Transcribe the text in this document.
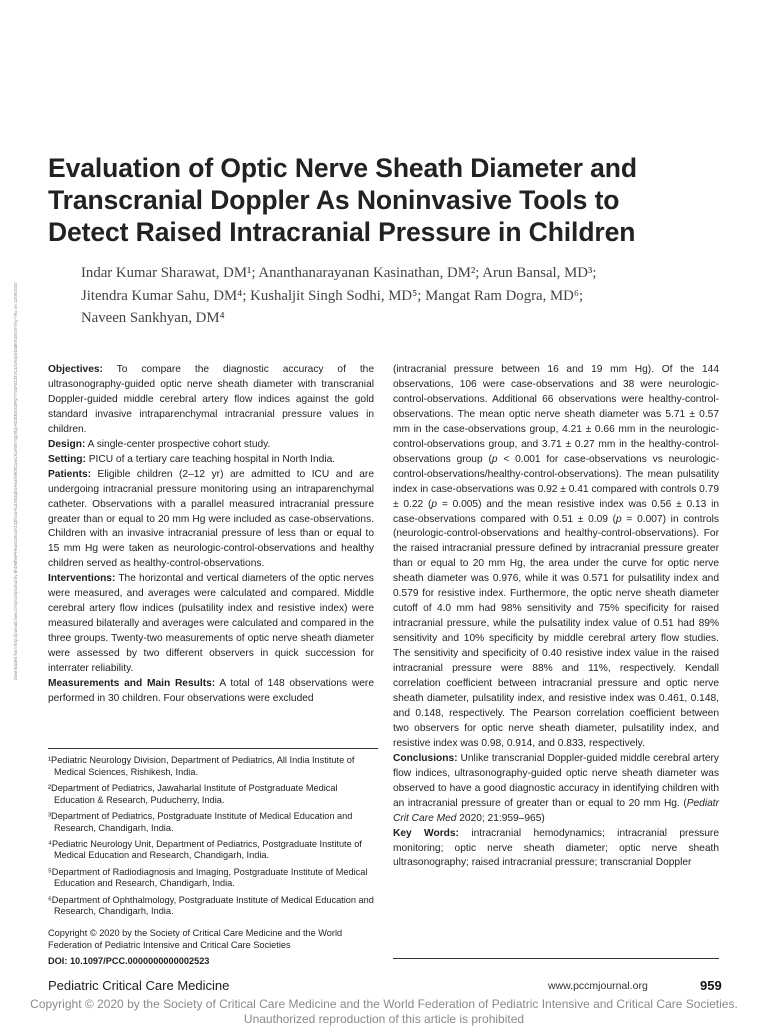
Evaluation of Optic Nerve Sheath Diameter and
Transcranial Doppler As Noninvasive Tools to
Detect Raised Intracranial Pressure in Children
Indar Kumar Sharawat, DM¹; Ananthanarayanan Kasinathan, DM²; Arun Bansal, MD³;
Jitendra Kumar Sahu, DM⁴; Kushaljit Singh Sodhi, MD⁵; Mangat Ram Dogra, MD⁶;
Naveen Sankhyan, DM⁴
Downloaded from http://journals.lww.com/pccmjournal by BhDMf5ePHKav1zEoum1tQfN4a+kJLhEZgbsIHo4XMi0hCywCX1AWnYQp/IlQrHD3i3D0OdRyi7TvSFl4Cf3VC4/OAVpDDa8KKGKV0Ymy+78= on 11/05/2020	Objectives: To compare the diagnostic accuracy of the ultrasonography-guided optic nerve sheath diameter with transcranial Doppler-guided middle cerebral artery flow indices against the gold standard invasive intraparenchymal intracranial pressure values in children.

Design: A single-center prospective cohort study.

Setting: PICU of a tertiary care teaching hospital in North India.

Patients: Eligible children (2–12 yr) are admitted to ICU and are undergoing intracranial pressure monitoring using an intraparenchymal catheter. Observations with a parallel measured intracranial pressure greater than or equal to 20 mm Hg were included as case-observations. Children with an invasive intracranial pressure of less than or equal to 15 mm Hg were taken as neurologic-control-observations and healthy children served as healthy-control-observations.

Interventions: The horizontal and vertical diameters of the optic nerves were measured, and averages were calculated and compared. Middle cerebral artery flow indices (pulsatility index and resistive index) were measured bilaterally and averages were calculated and compared in the three groups. Twenty-two measurements of optic nerve sheath diameter were assessed by two different observers in quick succession for interrater reliability.

Measurements and Main Results: A total of 148 observations were performed in 30 children. Four observations were excluded

(intracranial pressure between 16 and 19 mm Hg). Of the 144 observations, 106 were case-observations and 38 were neurologic-control-observations. Additional 66 observations were healthy-control-observations. The mean optic nerve sheath diameter was 5.71 ± 0.57 mm in the case-observations group, 4.21 ± 0.66 mm in the neurologic-control-observations group, and 3.71 ± 0.27 mm in the healthy-control-observations group (p < 0.001 for case-observations vs neurologic-control-observations/healthy-control-observations). The mean pulsatility index in case-observations was 0.92 ± 0.41 compared with controls 0.79 ± 0.22 (p = 0.005) and the mean resistive index was 0.56 ± 0.13 in case-observations compared with 0.51 ± 0.09 (p = 0.007) in controls (neurologic-control-observations and healthy-control-observations). For the raised intracranial pressure defined by intracranial pressure greater than or equal to 20 mm Hg, the area under the curve for optic nerve sheath diameter was 0.976, while it was 0.571 for pulsatility index and 0.579 for resistive index. Furthermore, the optic nerve sheath diameter cutoff of 4.0 mm had 98% sensitivity and 75% specificity for raised intracranial pressure, while the pulsatility index value of 0.51 had 89% sensitivity and 10% specificity by middle cerebral artery flow studies. The sensitivity and specificity of 0.40 resistive index value in the raised intracranial pressure were 88% and 11%, respectively. Kendall correlation coefficient between intracranial pressure and optic nerve sheath diameter, pulsatility index, and resistive index was 0.461, 0.148, and 0.148, respectively. The Pearson correlation coefficient between two observers for optic nerve sheath diameter, pulsatility index, and resistive index was 0.98, 0.914, and 0.833, respectively.

Conclusions: Unlike transcranial Doppler-guided middle cerebral artery flow indices, ultrasonography-guided optic nerve sheath diameter was observed to have a good diagnostic accuracy in identifying children with an intracranial pressure of greater than or equal to 20 mm Hg. (Pediatr Crit Care Med 2020; 21:959–965)

Key Words: intracranial hemodynamics; intracranial pressure monitoring; optic nerve sheath diameter; optic nerve sheath ultrasonography; raised intracranial pressure; transcranial Doppler

¹Pediatric Neurology Division, Department of Pediatrics, All India Institute of Medical Sciences, Rishikesh, India.

²Department of Pediatrics, Jawaharlal Institute of Postgraduate Medical Education & Research, Puducherry, India.

³Department of Pediatrics, Postgraduate Institute of Medical Education and Research, Chandigarh, India.

⁴Pediatric Neurology Unit, Department of Pediatrics, Postgraduate Institute of Medical Education and Research, Chandigarh, India.

⁵Department of Radiodiagnosis and Imaging, Postgraduate Institute of Medical Education and Research, Chandigarh, India.

⁶Department of Ophthalmology, Postgraduate Institute of Medical Education and Research, Chandigarh, India.

Copyright © 2020 by the Society of Critical Care Medicine and the World Federation of Pediatric Intensive and Critical Care Societies

DOI: 10.1097/PCC.0000000000002523

Pediatric Critical Care Medicine	www.pccmjournal.org	959
Copyright © 2020 by the Society of Critical Care Medicine and the World Federation of Pediatric Intensive and Critical Care Societies.
Unauthorized reproduction of this article is prohibited
